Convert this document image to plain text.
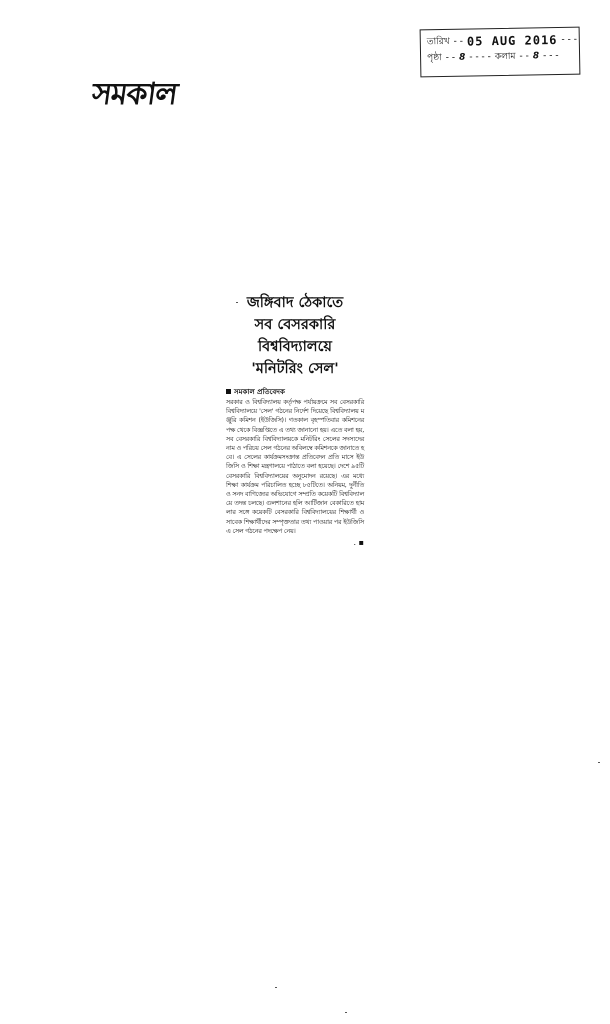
তারিখ - - 05 AUG 2016 - - -
পৃষ্ঠা - - 8 - - - - কলাম - - 8 - - -
সমকাল
জঙ্গিবাদ ঠেকাতে
সব বেসরকারি
বিশ্ববিদ্যালয়ে
'মনিটরিং সেল'
সমকাল প্রতিবেদক
সরকার ও বিশ্ববিদ্যালয় কর্তৃপক্ষ পর্যায়ক্রমে সব বেসরকারি বিশ্ববিদ্যালয়ে 'সেল' গঠনের নির্দেশ দিয়েছে বিশ্ববিদ্যালয় মঞ্জুরি কমিশন (ইউজিসি)। গতকাল বৃহস্পতিবার কমিশনের পক্ষ থেকে বিজ্ঞপ্তিতে এ তথ্য জানানো হয়। এতে বলা হয়, সব বেসরকারি বিশ্ববিদ্যালয়কে মনিটরিং সেলের সদস্যদের নাম ও পরিচয় সেল গঠনের অবিলম্বে কমিশনকে জানাতে হবে। এ সেলের কার্যক্রমসংক্রান্ত প্রতিবেদন প্রতি মাসে ইউজিসি ও শিক্ষা মন্ত্রণালয়ে পাঠাতে বলা হয়েছে। দেশে ৯৫টি বেসরকারি বিশ্ববিদ্যালয়ের অনুমোদন রয়েছে। এর মধ্যে শিক্ষা কার্যক্রম পরিচালিত হচ্ছে ৮৫টিতে। অনিয়ম, দুর্নীতি ও সনদ বাণিজ্যের অভিযোগে সম্প্রতি কয়েকটি বিশ্ববিদ্যালয়ে তদন্ত চলছে। গুলশানের হলি আর্টিজান বেকারিতে হামলার সঙ্গে কয়েকটি বেসরকারি বিশ্ববিদ্যালয়ের শিক্ষার্থী ও সাবেক শিক্ষার্থীদের সম্পৃক্ততার তথ্য পাওয়ার পর ইউজিসি এ সেল গঠনের পদক্ষেপ নেয়।
. ▪
